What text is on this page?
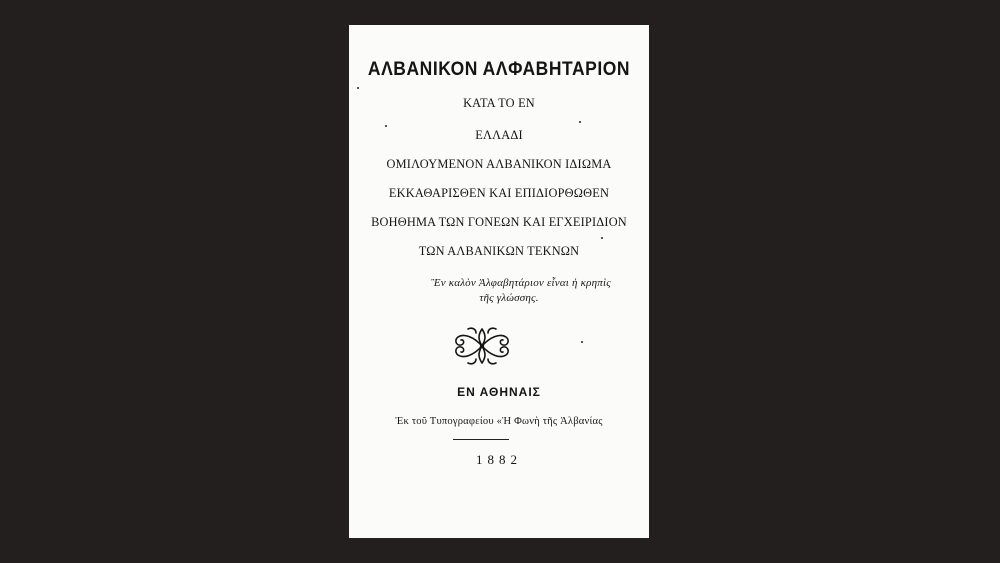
ΑΛΒΑΝΙΚΟΝ ΑΛΦΑΒΗΤΑΡΙΟΝ
ΚΑΤΑ ΤΟ ΕΝ
ΕΛΛΑΔΙ
ΟΜΙΛΟΥΜΕΝΟΝ ΑΛΒΑΝΙΚΟΝ ΙΔΙΩΜΑ
ΕΚΚΑΘΑΡΙΣΘΕΝ ΚΑΙ ΕΠΙΔΙΟΡΘΩΘΕΝ
ΒΟΗΘΗΜΑ ΤΩΝ ΓΟΝΕΩΝ ΚΑΙ ΕΓΧΕΙΡΙΔΙΟΝ
ΤΩΝ ΑΛΒΑΝΙΚΩΝ ΤΕΚΝΩΝ
Ἓν καλὸν Ἀλφαβητάριον εἶναι ἡ κρηπὶς
τῆς γλώσσης.
ΕΝ ΑΘΗΝΑΙΣ
Ἐκ τοῦ Τυπογραφείου «Ἡ Φωνὴ τῆς Ἀλβανίας
1882
